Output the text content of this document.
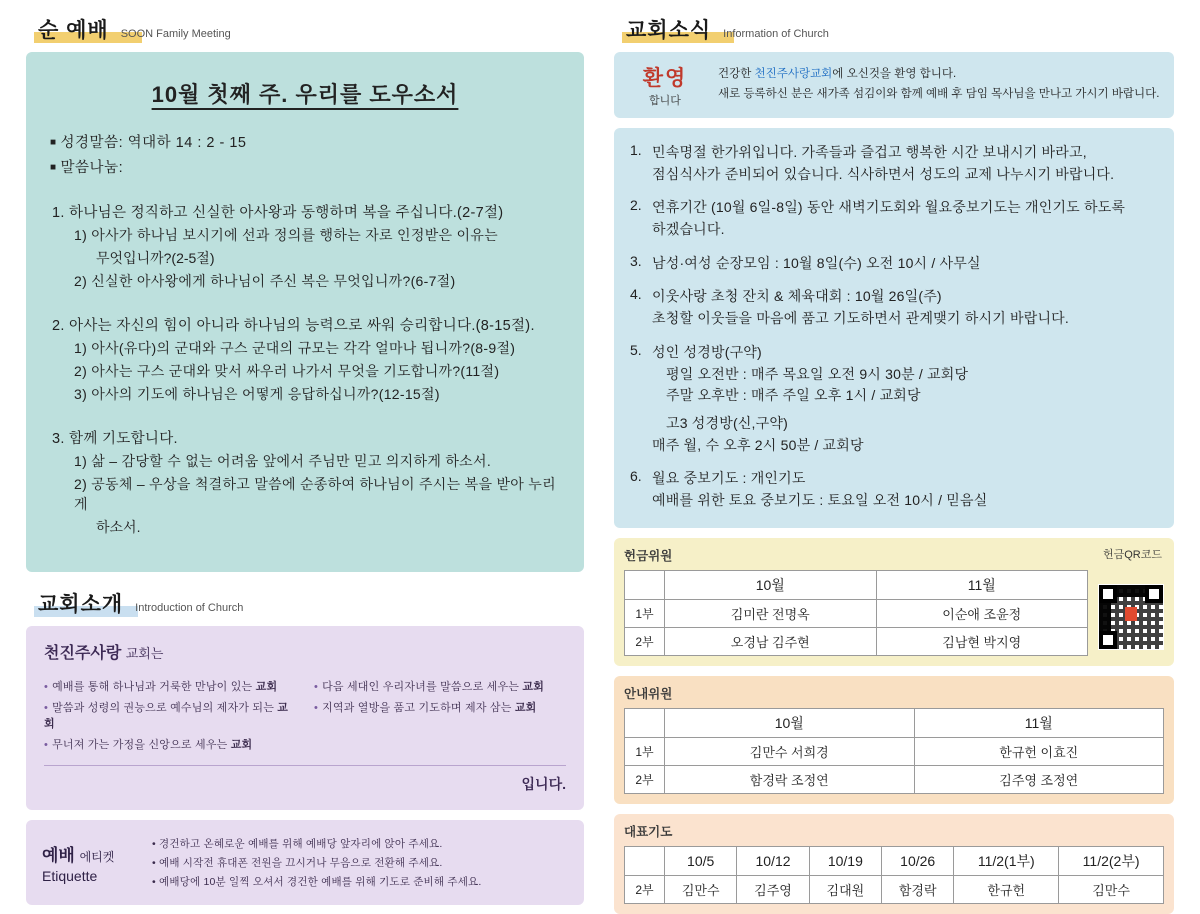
순 예배	SOON Family Meeting
10월 첫째 주. 우리를 도우소서
■ 성경말씀: 역대하 14 : 2 - 15
■ 말씀나눔:
1. 하나님은 정직하고 신실한 아사왕과 동행하며 복을 주십니다.(2-7절)
1) 아사가 하나님 보시기에 선과 정의를 행하는 자로 인정받은 이유는
무엇입니까?(2-5절)
2) 신실한 아사왕에게 하나님이 주신 복은 무엇입니까?(6-7절)
2. 아사는 자신의 힘이 아니라 하나님의 능력으로 싸워 승리합니다.(8-15절).
1) 아사(유다)의 군대와 구스 군대의 규모는 각각 얼마나 됩니까?(8-9절)
2) 아사는 구스 군대와 맞서 싸우러 나가서 무엇을 기도합니까?(11절)
3) 아사의 기도에 하나님은 어떻게 응답하십니까?(12-15절)
3. 함께 기도합니다.
1) 삶 – 감당할 수 없는 어려움 앞에서 주님만 믿고 의지하게 하소서.
2) 공동체 – 우상을 척결하고 말씀에 순종하여 하나님이 주시는 복을 받아 누리게
하소서.
교회소개	Introduction of Church
천진주사랑 교회는
• 예배를 통해 하나님과 거룩한 만남이 있는 교회
• 말씀과 성령의 권능으로 예수님의 제자가 되는 교회
• 무너져 가는 가정을 신앙으로 세우는 교회
• 다음 세대인 우리자녀를 말씀으로 세우는 교회
• 지역과 열방을 품고 기도하며 제자 삼는 교회
입니다.
예배 에티켓
Etiquette
• 경건하고 온혜로운 예배를 위해 예배당 앞자리에 앉아 주세요.
• 예배 시작전 휴대폰 전원을 끄시거나 무음으로 전환해 주세요.
• 예배당에 10분 일찍 오셔서 경건한 예배를 위해 기도로 준비해 주세요.
교회소식	Information of Church
환영
합니다
건강한 천진주사랑교회에 오신것을 환영 합니다.
새로 등록하신 분은 새가족 섬김이와 함께 예배 후 담임 목사님을 만나고 가시기 바랍니다.
1. 민속명절 한가위입니다. 가족들과 즐겁고 행복한 시간 보내시기 바라고,
점심식사가 준비되어 있습니다. 식사하면서 성도의 교제 나누시기 바랍니다.
2. 연휴기간 (10월 6일-8일) 동안 새벽기도회와 월요중보기도는 개인기도 하도록
하겠습니다.
3. 남성·여성 순장모임 : 10월 8일(수) 오전 10시 / 사무실
4. 이웃사랑 초청 잔치 & 체육대회 : 10월 26일(주)
초청할 이웃들을 마음에 품고 기도하면서 관계맺기 하시기 바랍니다.
5. 성인 성경방(구약)
평일 오전반 : 매주 목요일 오전 9시 30분 / 교회당
주말 오후반 : 매주 주일 오후 1시 / 교회당
고3 성경방(신,구약)
매주 월, 수 오후 2시 50분 / 교회당
6. 월요 중보기도 : 개인기도
예배를 위한 토요 중보기도 : 토요일 오전 10시 / 믿음실
헌금위원	헌금QR코드
	10월	11월
1부	김미란 전명옥	이순애 조윤정
2부	오경남 김주현	김남현 박지영
안내위원
	10월	11월
1부	김만수 서희경	한규헌 이효진
2부	함경락 조정연	김주영 조정연
대표기도
	10/5	10/12	10/19	10/26	11/2(1부)	11/2(2부)
2부	김만수	김주영	김대원	함경락	한규헌	김만수
